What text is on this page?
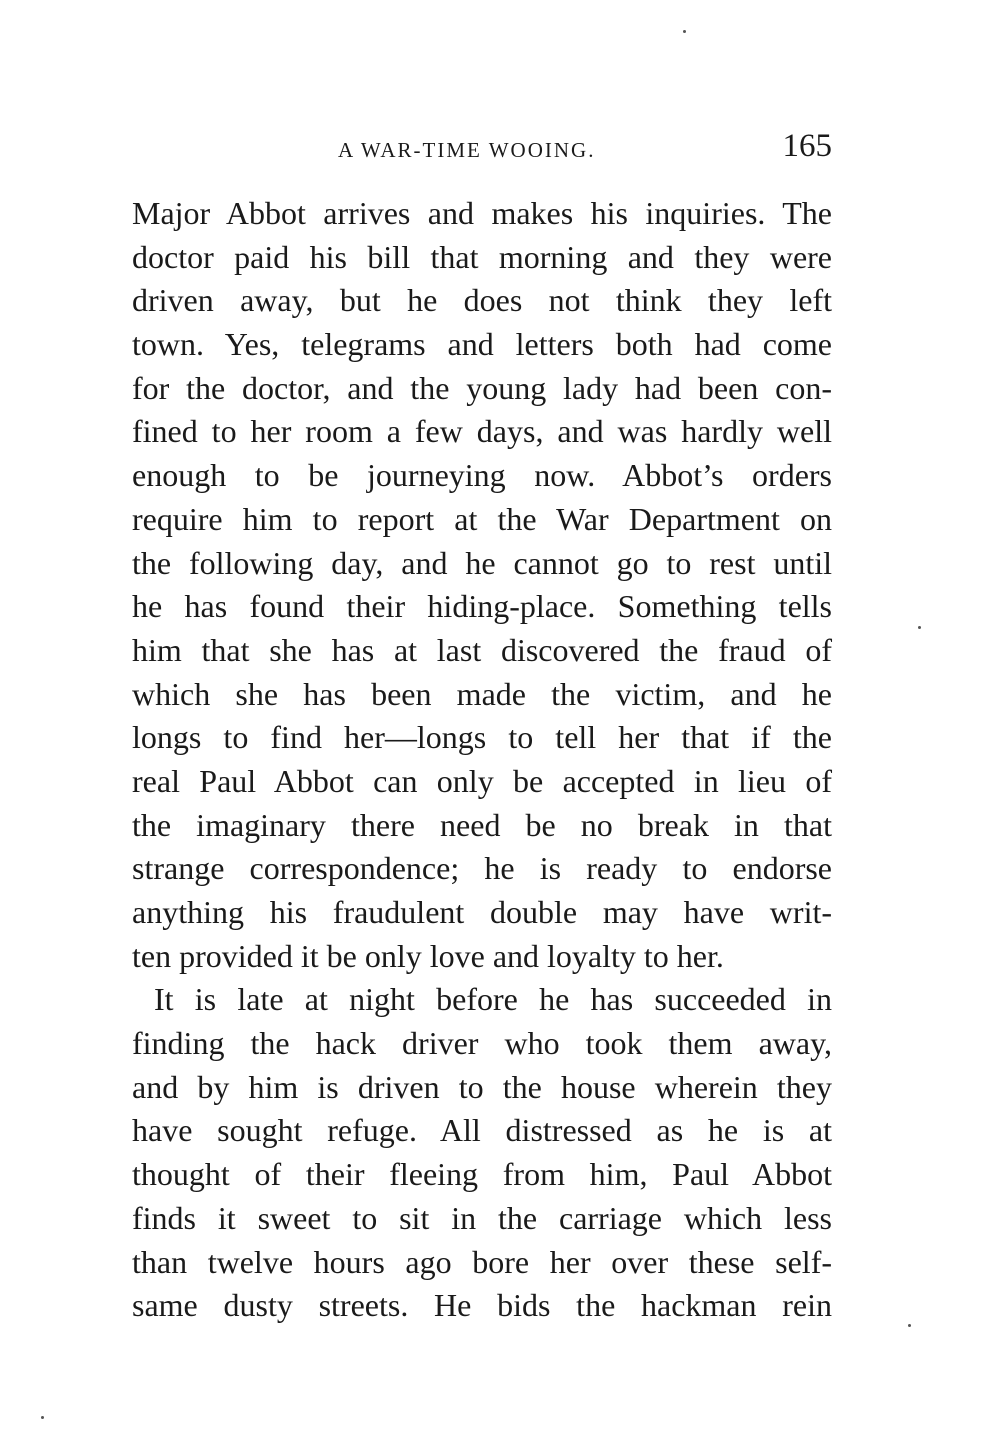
A WAR-TIME WOOING.	165
Major Abbot arrives and makes his inquiries. The
doctor paid his bill that morning and they were
driven away, but he does not think they left
town. Yes, telegrams and letters both had come
for the doctor, and the young lady had been con-
fined to her room a few days, and was hardly well
enough to be journeying now. Abbot’s orders
require him to report at the War Department on
the following day, and he cannot go to rest until
he has found their hiding-place. Something tells
him that she has at last discovered the fraud of
which she has been made the victim, and he
longs to find her—longs to tell her that if the
real Paul Abbot can only be accepted in lieu of
the imaginary there need be no break in that
strange correspondence; he is ready to endorse
anything his fraudulent double may have writ-
ten provided it be only love and loyalty to her.
It is late at night before he has succeeded in
finding the hack driver who took them away,
and by him is driven to the house wherein they
have sought refuge. All distressed as he is at
thought of their fleeing from him, Paul Abbot
finds it sweet to sit in the carriage which less
than twelve hours ago bore her over these self-
same dusty streets. He bids the hackman rein
